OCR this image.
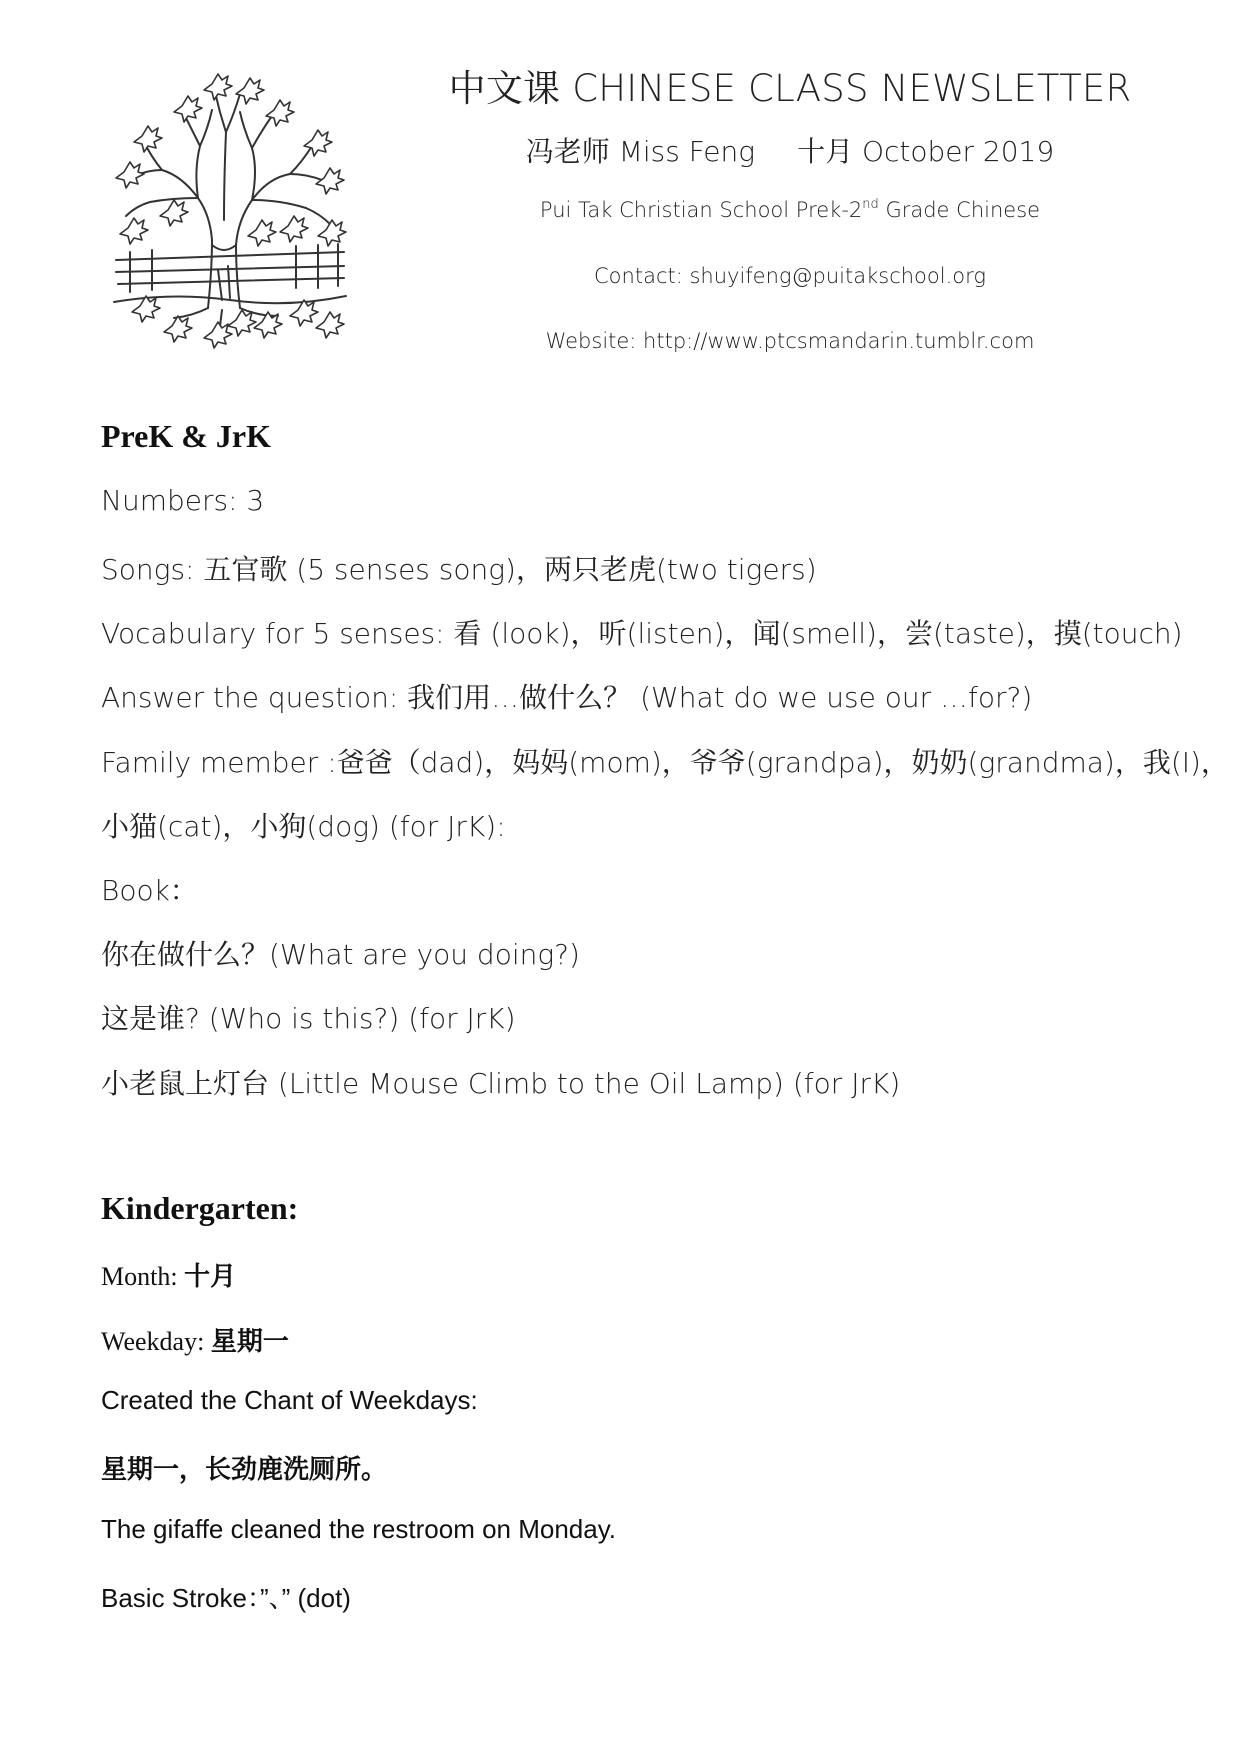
中文课 CHINESE CLASS NEWSLETTER
冯老师 Miss Feng 十月 October 2019
Pui Tak Christian School Prek-2nd Grade Chinese
Contact: shuyifeng@puitakschool.org
Website: http://www.ptcsmandarin.tumblr.com
PreK & JrK
Numbers: 3
Songs: 五官歌 (5 senses song)，两只老虎(two tigers)
Vocabulary for 5 senses: 看 (look)，听(listen)，闻(smell)，尝(taste)，摸(touch)
Answer the question: 我们用…做什么？ (What do we use our …for?)
Family member :爸爸（dad)，妈妈(mom)，爷爷(grandpa)，奶奶(grandma)，我(I)，
小猫(cat)，小狗(dog) (for JrK):
Book：
你在做什么？(What are you doing?)
这是谁? (Who is this?) (for JrK)
小老鼠上灯台 (Little Mouse Climb to the Oil Lamp) (for JrK)
Kindergarten:
Month: 十月
Weekday: 星期一
Created the Chant of Weekdays:
星期一，长劲鹿洗厕所。
The gifaffe cleaned the restroom on Monday.
Basic Stroke：”、” (dot)
